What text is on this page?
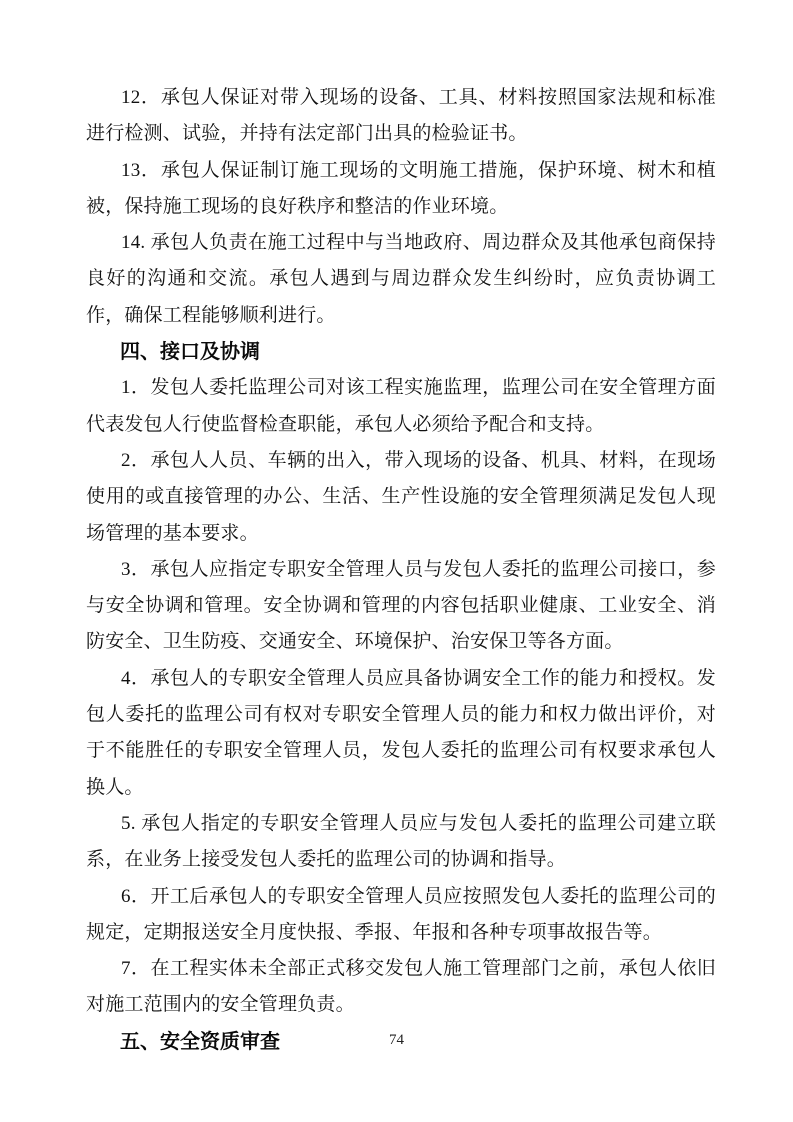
12．承包人保证对带入现场的设备、工具、材料按照国家法规和标准进行检测、试验，并持有法定部门出具的检验证书。

13．承包人保证制订施工现场的文明施工措施，保护环境、树木和植被，保持施工现场的良好秩序和整洁的作业环境。

14. 承包人负责在施工过程中与当地政府、周边群众及其他承包商保持良好的沟通和交流。承包人遇到与周边群众发生纠纷时，应负责协调工作，确保工程能够顺利进行。

四、接口及协调

1．发包人委托监理公司对该工程实施监理，监理公司在安全管理方面代表发包人行使监督检查职能，承包人必须给予配合和支持。

2．承包人人员、车辆的出入，带入现场的设备、机具、材料，在现场使用的或直接管理的办公、生活、生产性设施的安全管理须满足发包人现场管理的基本要求。

3．承包人应指定专职安全管理人员与发包人委托的监理公司接口，参与安全协调和管理。安全协调和管理的内容包括职业健康、工业安全、消防安全、卫生防疫、交通安全、环境保护、治安保卫等各方面。

4．承包人的专职安全管理人员应具备协调安全工作的能力和授权。发包人委托的监理公司有权对专职安全管理人员的能力和权力做出评价，对于不能胜任的专职安全管理人员，发包人委托的监理公司有权要求承包人换人。

5. 承包人指定的专职安全管理人员应与发包人委托的监理公司建立联系，在业务上接受发包人委托的监理公司的协调和指导。

6．开工后承包人的专职安全管理人员应按照发包人委托的监理公司的规定，定期报送安全月度快报、季报、年报和各种专项事故报告等。

7．在工程实体未全部正式移交发包人施工管理部门之前，承包人依旧对施工范围内的安全管理负责。

五、安全资质审查	74
